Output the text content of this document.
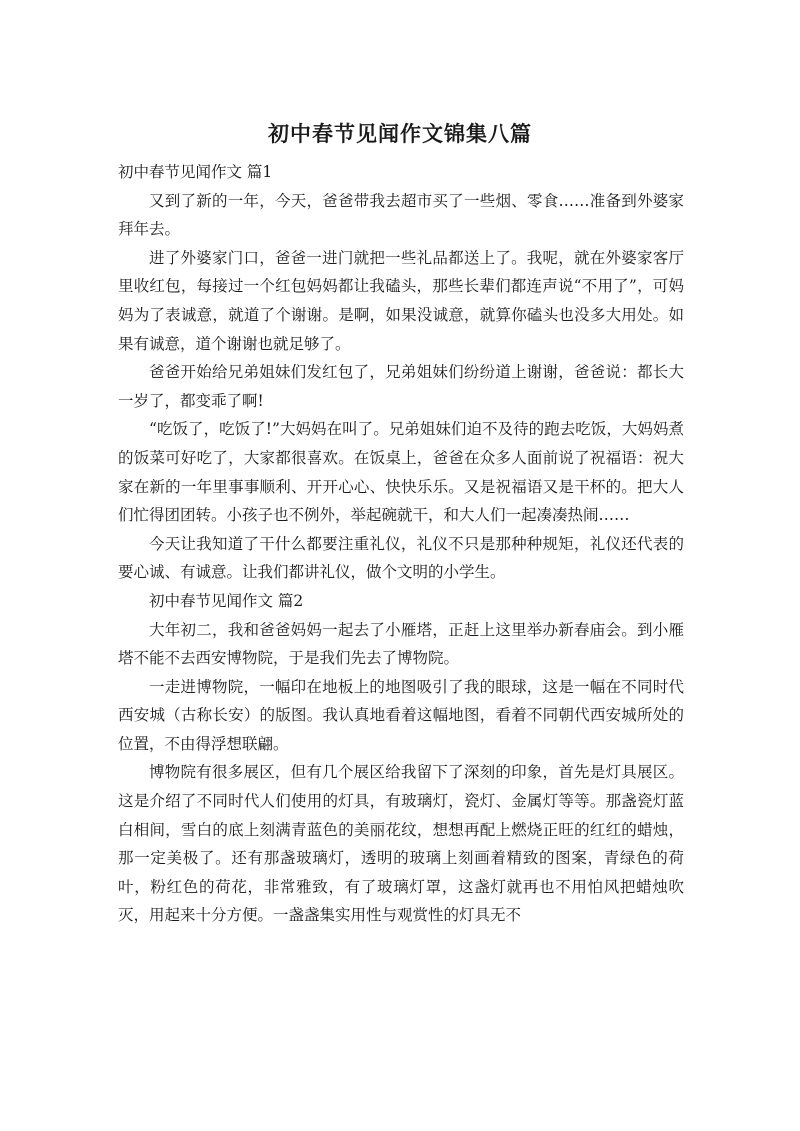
初中春节见闻作文锦集八篇

初中春节见闻作文 篇1

又到了新的一年，今天，爸爸带我去超市买了一些烟、零食……准备到外婆家拜年去。

进了外婆家门口，爸爸一进门就把一些礼品都送上了。我呢，就在外婆家客厅里收红包，每接过一个红包妈妈都让我磕头，那些长辈们都连声说“不用了”，可妈妈为了表诚意，就道了个谢谢。是啊，如果没诚意，就算你磕头也没多大用处。如果有诚意，道个谢谢也就足够了。

爸爸开始给兄弟姐妹们发红包了，兄弟姐妹们纷纷道上谢谢，爸爸说：都长大一岁了，都变乖了啊!

“吃饭了，吃饭了!”大妈妈在叫了。兄弟姐妹们迫不及待的跑去吃饭，大妈妈煮的饭菜可好吃了，大家都很喜欢。在饭桌上，爸爸在众多人面前说了祝福语：祝大家在新的一年里事事顺利、开开心心、快快乐乐。又是祝福语又是干杯的。把大人们忙得团团转。小孩子也不例外，举起碗就干，和大人们一起凑凑热闹……

今天让我知道了干什么都要注重礼仪，礼仪不只是那种种规矩，礼仪还代表的要心诚、有诚意。让我们都讲礼仪，做个文明的小学生。

初中春节见闻作文 篇2

大年初二，我和爸爸妈妈一起去了小雁塔，正赶上这里举办新春庙会。到小雁塔不能不去西安博物院，于是我们先去了博物院。

一走进博物院，一幅印在地板上的地图吸引了我的眼球，这是一幅在不同时代西安城（古称长安）的版图。我认真地看着这幅地图，看着不同朝代西安城所处的位置，不由得浮想联翩。

博物院有很多展区，但有几个展区给我留下了深刻的印象，首先是灯具展区。这是介绍了不同时代人们使用的灯具，有玻璃灯，瓷灯、金属灯等等。那盏瓷灯蓝白相间，雪白的底上刻满青蓝色的美丽花纹，想想再配上燃烧正旺的红红的蜡烛，那一定美极了。还有那盏玻璃灯，透明的玻璃上刻画着精致的图案，青绿色的荷叶，粉红色的荷花，非常雅致，有了玻璃灯罩，这盏灯就再也不用怕风把蜡烛吹灭，用起来十分方便。一盏盏集实用性与观赏性的灯具无不
